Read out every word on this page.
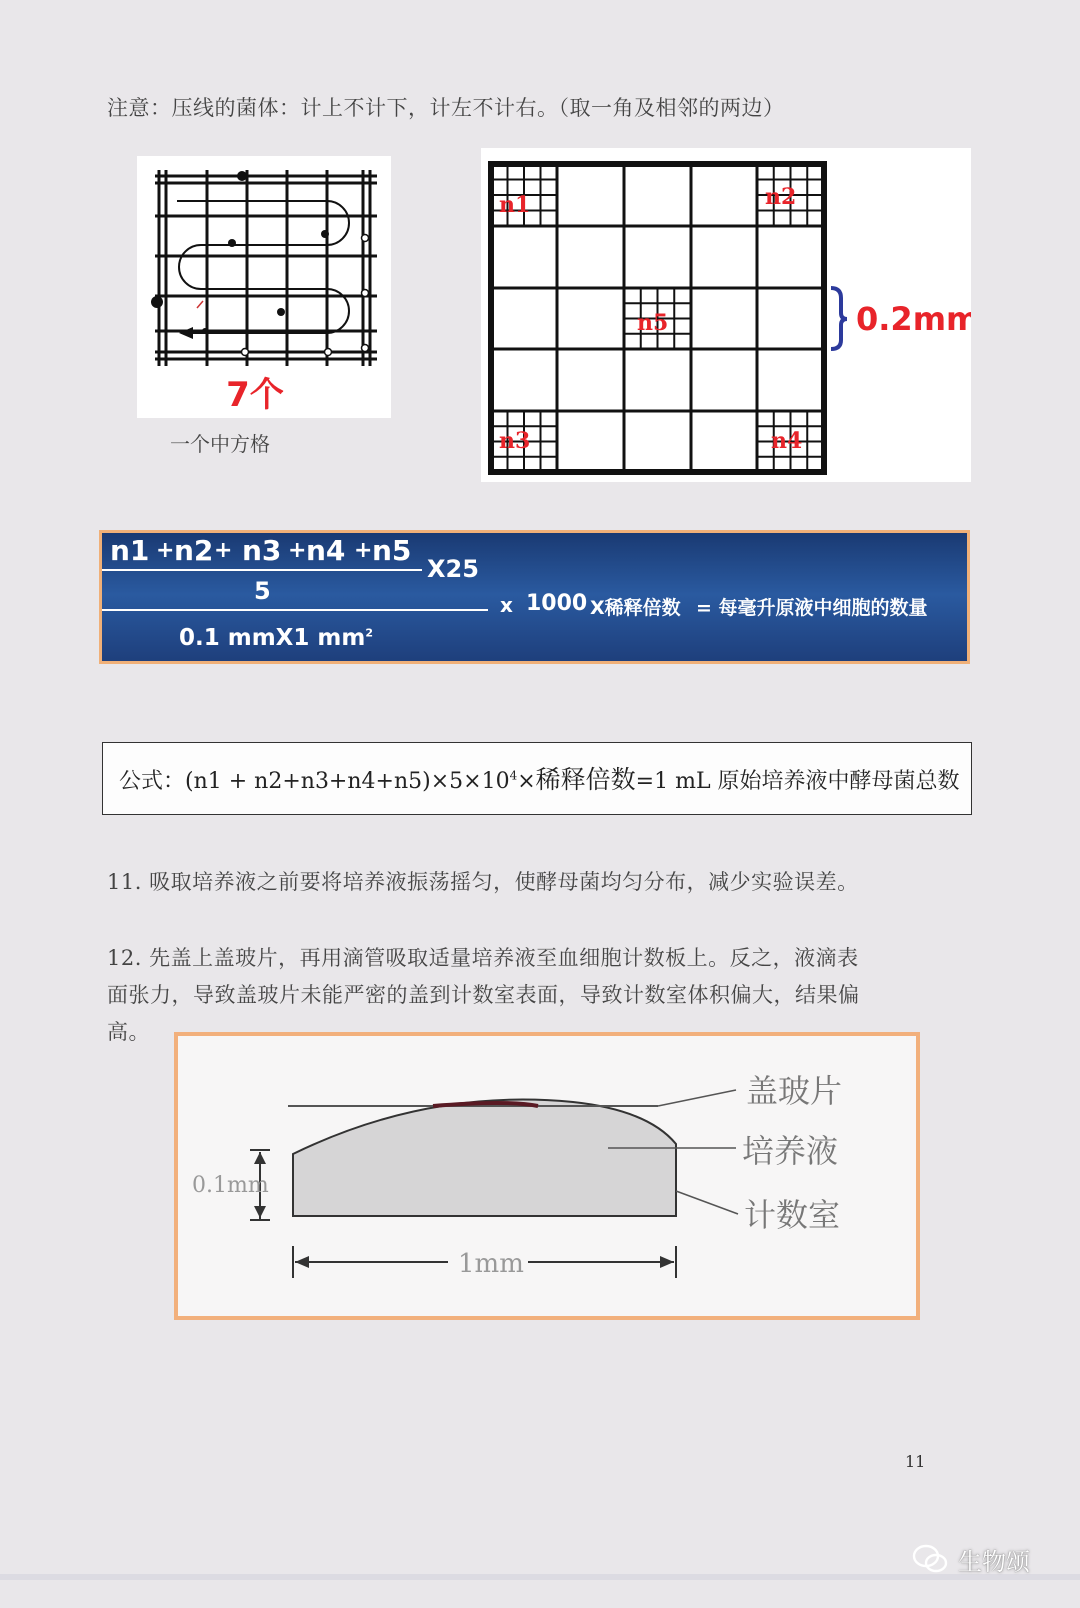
注意：压线的菌体：计上不计下，计左不计右。（取一角及相邻的两边）
7个
一个中方格
n1	n2
n5
n3	n4
0.2mm
n1 + n2 + n3 + n4 + n5
X25
5	x 1000 X稀释倍数 = 每毫升原液中细胞的数量
0.1 mmX1 $mm^2$
公式：$(n1 + n2+n3+n4+n5)\times 5\times 10^4\times$稀释倍数=1 mL 原始培养液中酵母菌总数
11. 吸取培养液之前要将培养液振荡摇匀，使酵母菌均匀分布，减少实验误差。
12. 先盖上盖玻片，再用滴管吸取适量培养液至血细胞计数板上。反之，液滴表
面张力，导致盖玻片未能严密的盖到计数室表面，导致计数室体积偏大，结果偏
高。
盖玻片
培养液
计数室
0.1mm
1mm
11
生物颂
